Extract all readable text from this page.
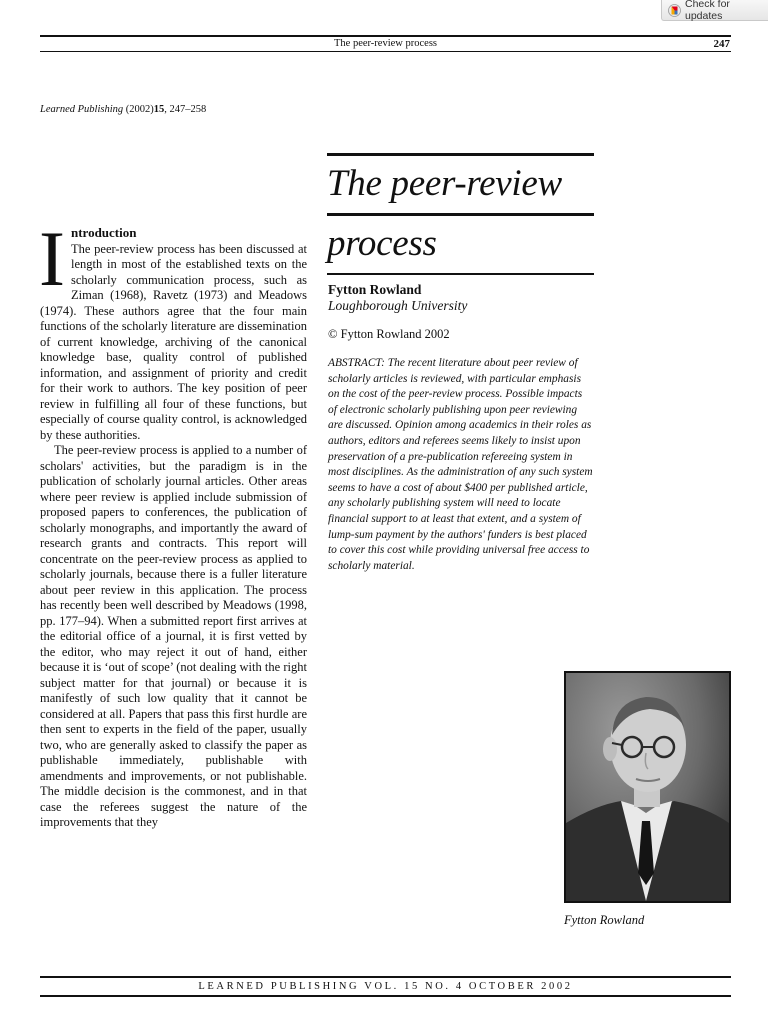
Check for updates
The peer-review process	247
Learned Publishing (2002)15, 247–258
The peer-review
process
Fytton Rowland
Loughborough University
© Fytton Rowland 2002
ABSTRACT: The recent literature about peer review of scholarly articles is reviewed, with particular emphasis on the cost of the peer-review process. Possible impacts of electronic scholarly publishing upon peer reviewing are discussed. Opinion among academics in their roles as authors, editors and referees seems likely to insist upon preservation of a pre-publication refereeing system in most disciplines. As the administration of any such system seems to have a cost of about $400 per published article, any scholarly publishing system will need to locate financial support to at least that extent, and a system of lump-sum payment by the authors' funders is best placed to cover this cost while providing universal free access to scholarly material.
I ntroduction

The peer-review process has been discussed at length in most of the established texts on the scholarly communication process, such as Ziman (1968), Ravetz (1973) and Meadows (1974). These authors agree that the four main functions of the scholarly literature are dissemination of current knowledge, archiving of the canonical knowledge base, quality control of published information, and assignment of priority and credit for their work to authors. The key position of peer review in fulfilling all four of these functions, but especially of course quality control, is acknowledged by these authorities.

The peer-review process is applied to a number of scholars' activities, but the paradigm is in the publication of scholarly journal articles. Other areas where peer review is applied include submission of proposed papers to conferences, the publication of scholarly monographs, and importantly the award of research grants and contracts. This report will concentrate on the peer-review process as applied to scholarly journals, because there is a fuller literature about peer review in this application. The process has recently been well described by Meadows (1998, pp. 177–94). When a submitted report first arrives at the editorial office of a journal, it is first vetted by the editor, who may reject it out of hand, either because it is ‘out of scope’ (not dealing with the right subject matter for that journal) or because it is manifestly of such low quality that it cannot be considered at all. Papers that pass this first hurdle are then sent to experts in the field of the paper, usually two, who are generally asked to classify the paper as publishable immediately, publishable with amendments and improvements, or not publishable. The middle decision is the commonest, and in that case the referees suggest the nature of the improvements that they

Fytton Rowland
LEARNED PUBLISHING VOL. 15 NO. 4 OCTOBER 2002
